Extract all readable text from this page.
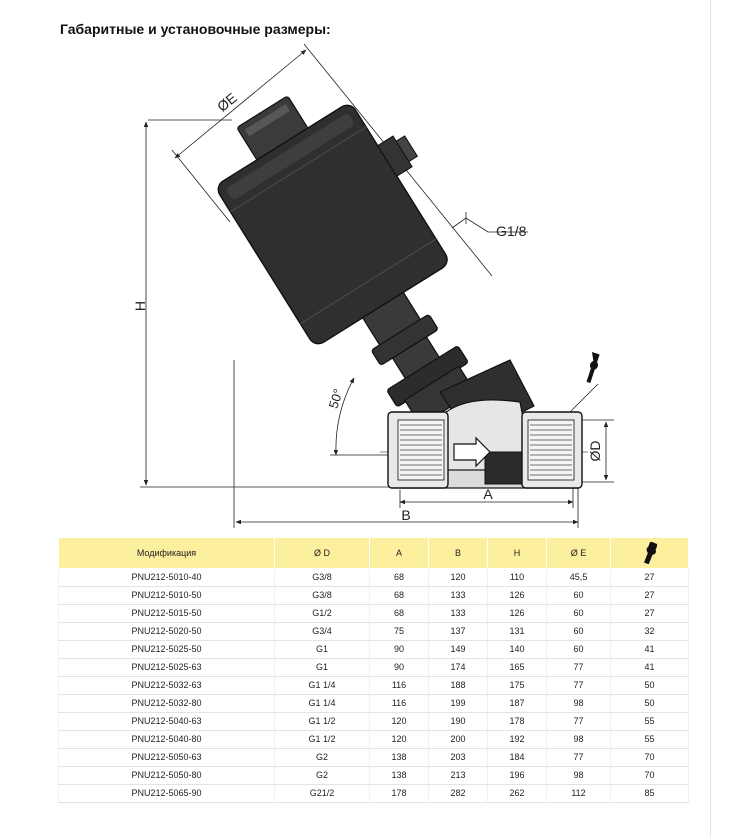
Габаритные и установочные размеры:
ØE
H
G1/8
50°
ØD
A
B
Модификация	Ø D	A	B	H	Ø E	
PNU212-5010-40	G3/8	68	120	110	45,5	27
PNU212-5010-50	G3/8	68	133	126	60	27
PNU212-5015-50	G1/2	68	133	126	60	27
PNU212-5020-50	G3/4	75	137	131	60	32
PNU212-5025-50	G1	90	149	140	60	41
PNU212-5025-63	G1	90	174	165	77	41
PNU212-5032-63	G1 1/4	116	188	175	77	50
PNU212-5032-80	G1 1/4	116	199	187	98	50
PNU212-5040-63	G1 1/2	120	190	178	77	55
PNU212-5040-80	G1 1/2	120	200	192	98	55
PNU212-5050-63	G2	138	203	184	77	70
PNU212-5050-80	G2	138	213	196	98	70
PNU212-5065-90	G21/2	178	282	262	112	85
